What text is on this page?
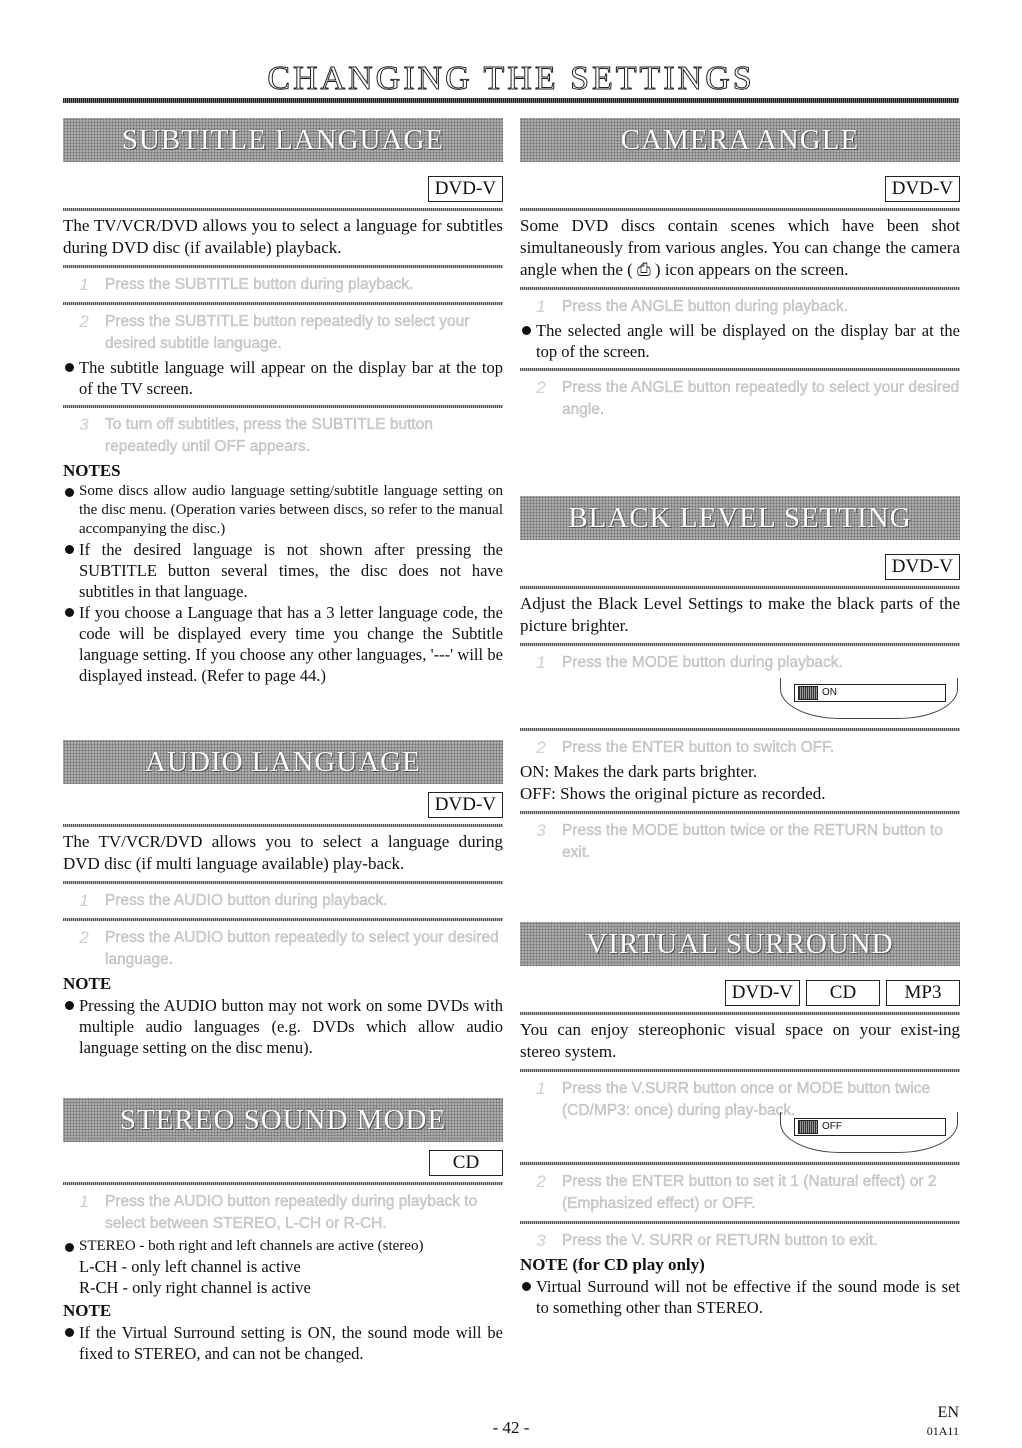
CHANGING THE SETTINGS
SUBTITLE LANGUAGE
DVD-V

The TV/VCR/DVD allows you to select a language for subtitles during DVD disc (if available) playback.

1	Press the SUBTITLE button during playback.
2	Press the SUBTITLE button repeatedly to select your desired subtitle language.
The subtitle language will appear on the display bar at the top of the TV screen.
3	To turn off subtitles, press the SUBTITLE button repeatedly until OFF appears.
NOTES
Some discs allow audio language setting/subtitle language setting on the disc menu. (Operation varies between discs, so refer to the manual accompanying the disc.)
If the desired language is not shown after pressing the SUBTITLE button several times, the disc does not have subtitles in that language.
If you choose a Language that has a 3 letter language code, the code will be displayed every time you change the Subtitle language setting. If you choose any other languages, '---' will be displayed instead. (Refer to page 44.)
AUDIO LANGUAGE
DVD-V

The TV/VCR/DVD allows you to select a language during DVD disc (if multi language available) play-back.

1	Press the AUDIO button during playback.
2	Press the AUDIO button repeatedly to select your desired language.
NOTE
Pressing the AUDIO button may not work on some DVDs with multiple audio languages (e.g. DVDs which allow audio language setting on the disc menu).
STEREO SOUND MODE
CD
1	Press the AUDIO button repeatedly during playback to select between STEREO, L-CH or R-CH.
STEREO - both right and left channels are active (stereo)
L-CH - only left channel is active
R-CH - only right channel is active
NOTE
If the Virtual Surround setting is ON, the sound mode will be fixed to STEREO, and can not be changed.
CAMERA ANGLE
DVD-V

Some DVD discs contain scenes which have been shot simultaneously from various angles. You can change the camera angle when the ( ⎙ ) icon appears on the screen.

1	Press the ANGLE button during playback.
The selected angle will be displayed on the display bar at the top of the screen.
2	Press the ANGLE button repeatedly to select your desired angle.
BLACK LEVEL SETTING
DVD-V

Adjust the Black Level Settings to make the black parts of the picture brighter.

1	Press the MODE button during playback.
ON
2	Press the ENTER button to switch OFF.

ON: Makes the dark parts brighter.

OFF: Shows the original picture as recorded.

3	Press the MODE button twice or the RETURN button to exit.
VIRTUAL SURROUND
DVD-V	CD	MP3

You can enjoy stereophonic visual space on your exist-ing stereo system.

1	Press the V.SURR button once or MODE button twice (CD/MP3: once) during play-back.
OFF
2	Press the ENTER button to set it 1 (Natural effect) or 2 (Emphasized effect) or OFF.
3	Press the V. SURR or RETURN button to exit.
NOTE (for CD play only)
Virtual Surround will not be effective if the sound mode is set to something other than STEREO.
- 42 -
EN
01A11
